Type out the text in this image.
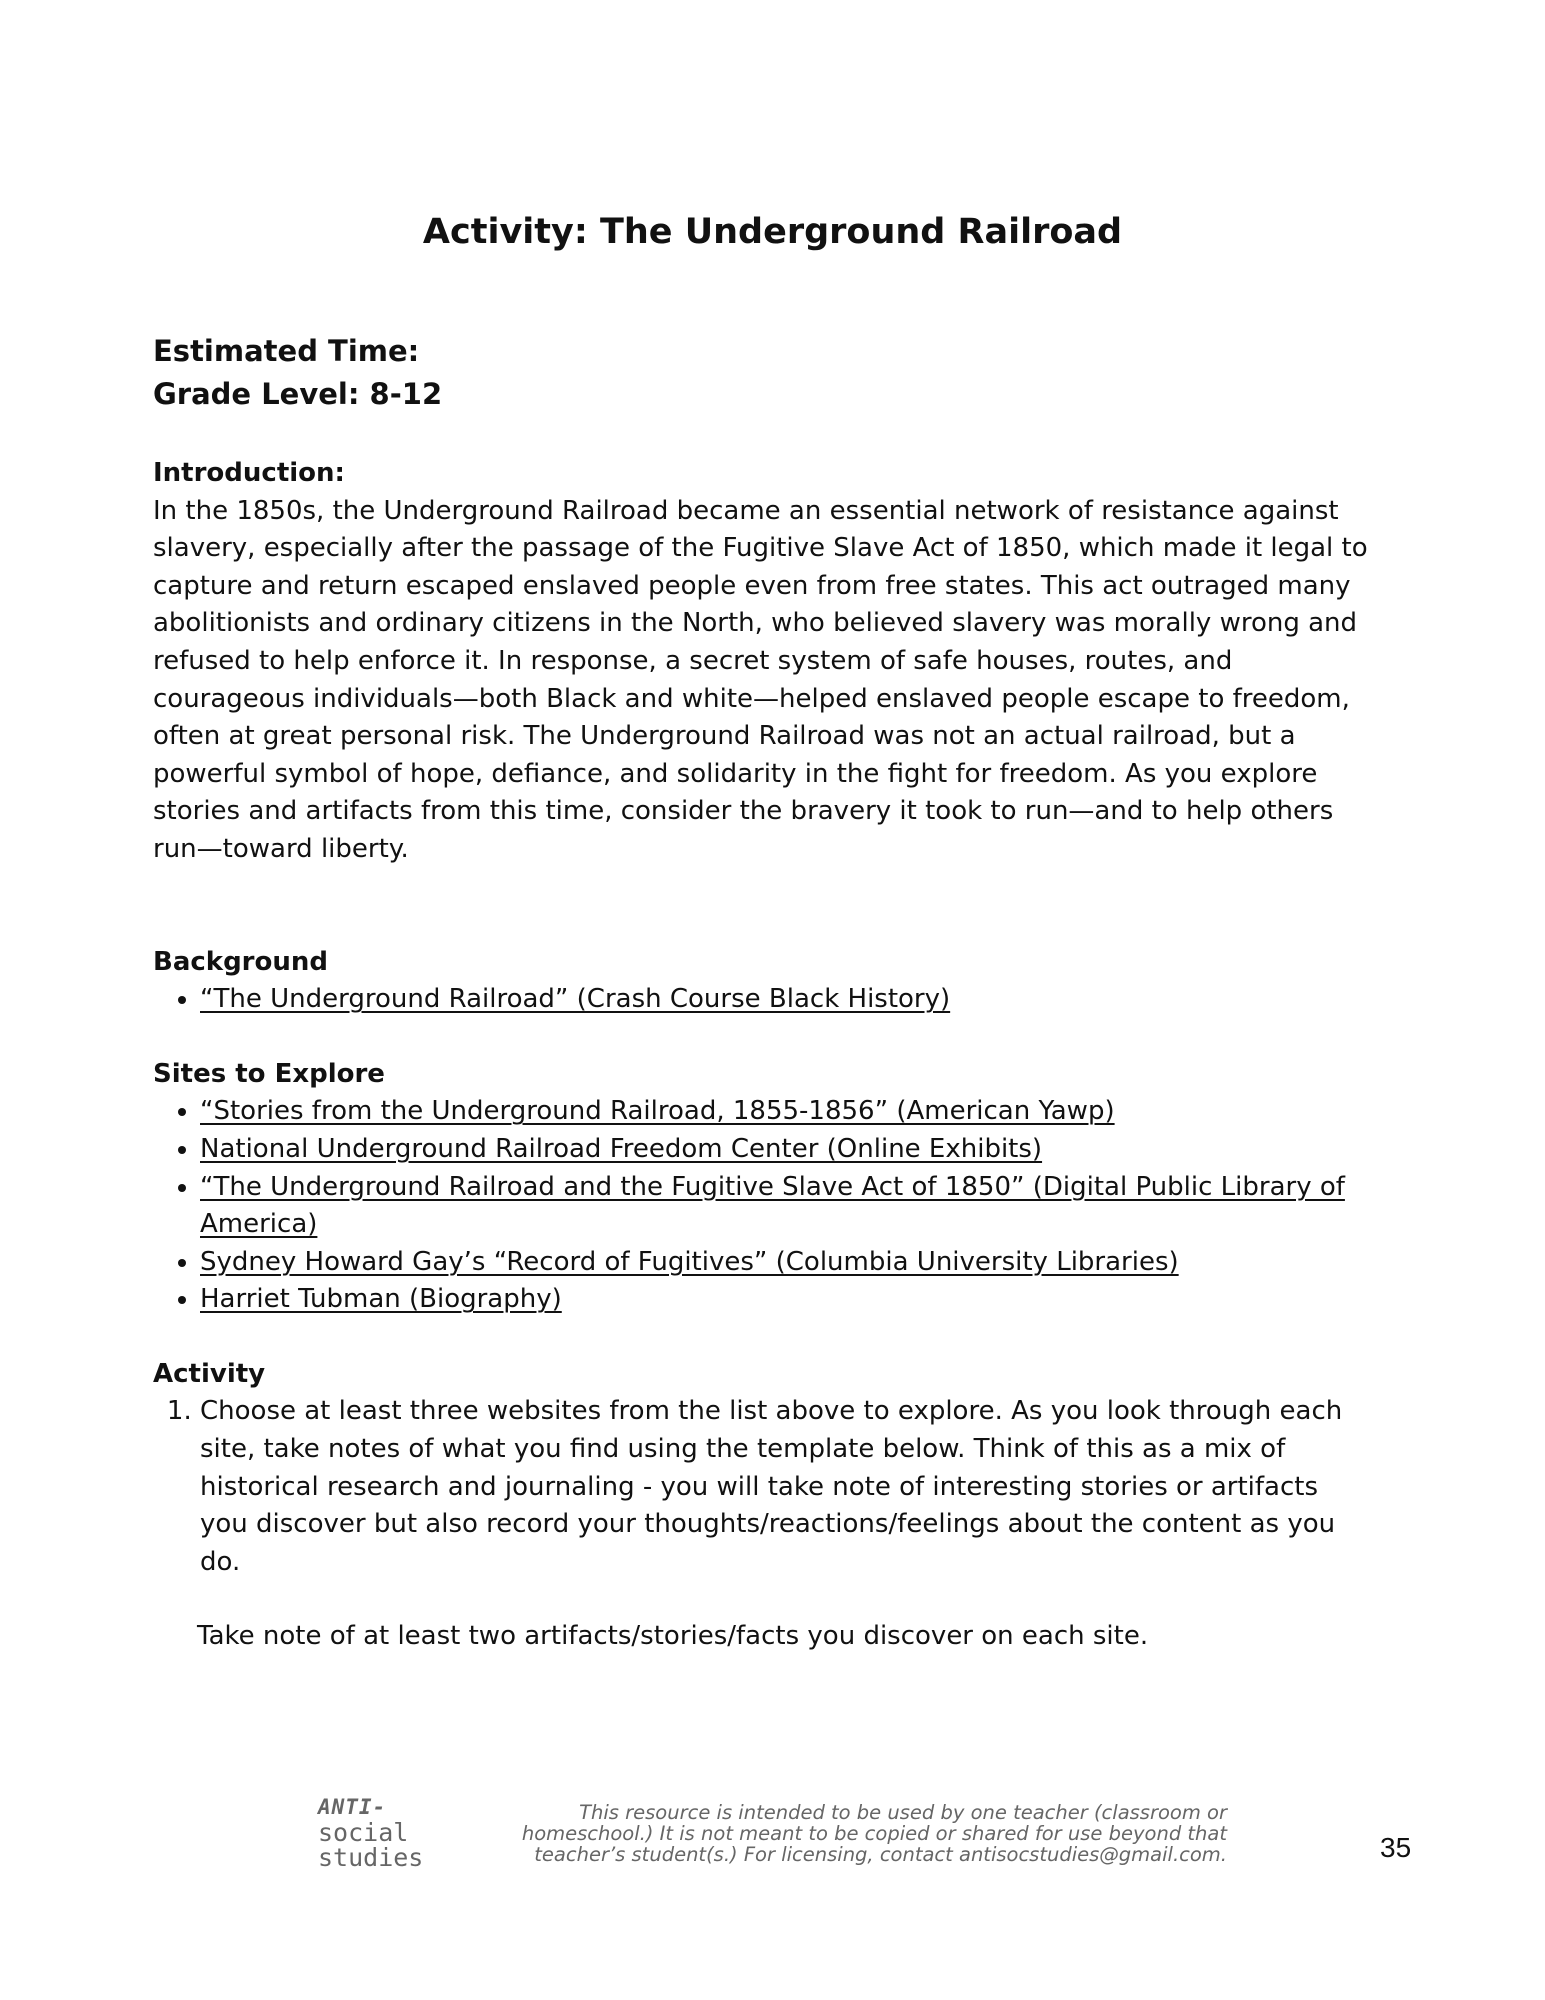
Activity: The Underground Railroad
Estimated Time:
Grade Level: 8-12

Introduction:

In the 1850s, the Underground Railroad became an essential network of resistance against slavery, especially after the passage of the Fugitive Slave Act of 1850, which made it legal to capture and return escaped enslaved people even from free states. This act outraged many abolitionists and ordinary citizens in the North, who believed slavery was morally wrong and refused to help enforce it. In response, a secret system of safe houses, routes, and courageous individuals—both Black and white—helped enslaved people escape to freedom, often at great personal risk. The Underground Railroad was not an actual railroad, but a powerful symbol of hope, defiance, and solidarity in the fight for freedom. As you explore stories and artifacts from this time, consider the bravery it took to run—and to help others run—toward liberty.

Background

• “The Underground Railroad” (Crash Course Black History)

Sites to Explore

• “Stories from the Underground Railroad, 1855-1856” (American Yawp)
• National Underground Railroad Freedom Center (Online Exhibits)
• “The Underground Railroad and the Fugitive Slave Act of 1850” (Digital Public Library of America)
• Sydney Howard Gay’s “Record of Fugitives” (Columbia University Libraries)
• Harriet Tubman (Biography)

Activity

1. Choose at least three websites from the list above to explore. As you look through each site, take notes of what you find using the template below. Think of this as a mix of historical research and journaling - you will take note of interesting stories or artifacts you discover but also record your thoughts/reactions/feelings about the content as you do.

Take note of at least two artifacts/stories/facts you discover on each site.

ANTI-
social
studies
This resource is intended to be used by one teacher (classroom or homeschool.) It is not meant to be copied or shared for use beyond that teacher’s student(s.) For licensing, contact antisocstudies@gmail.com.	35
